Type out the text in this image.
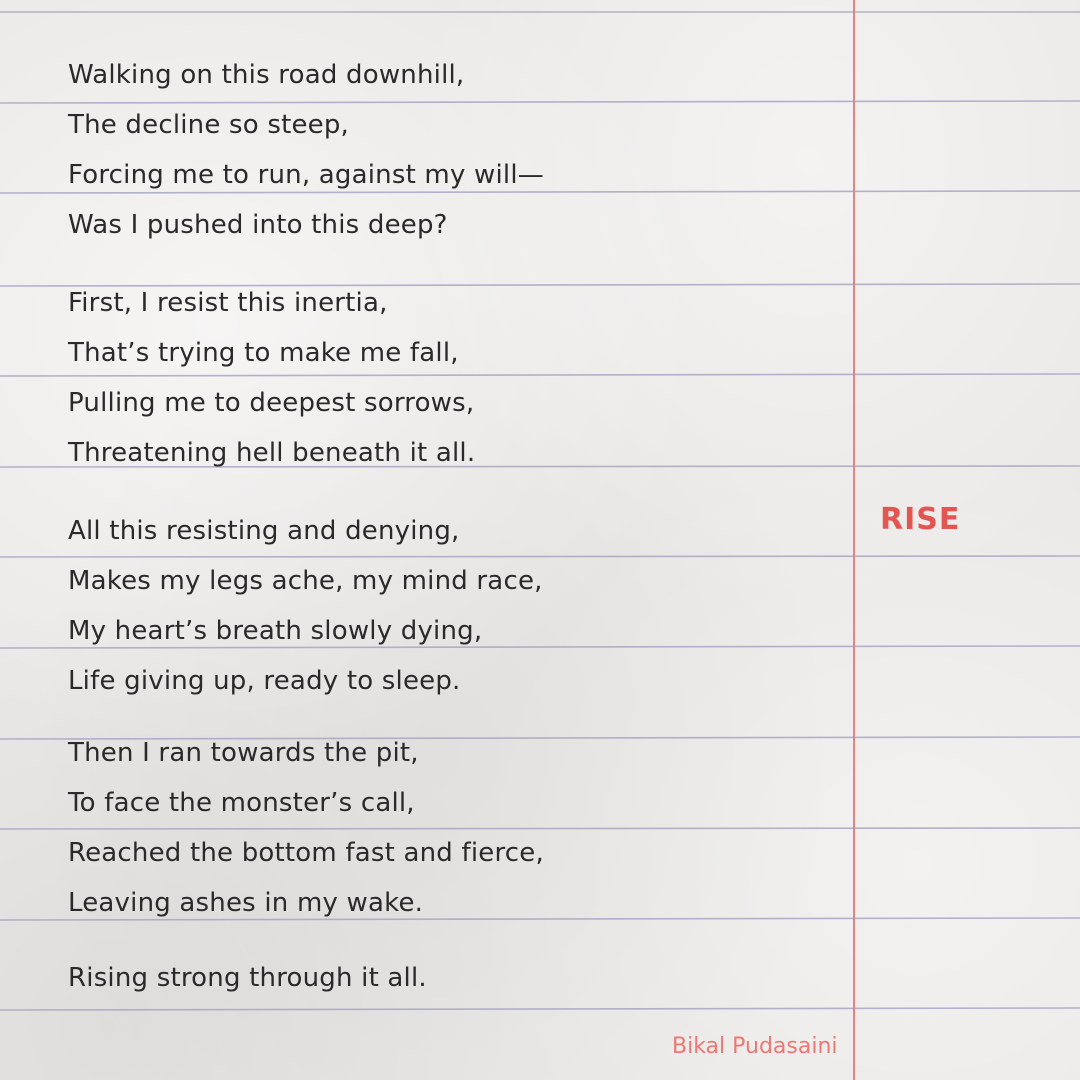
Walking on this road downhill,

The decline so steep,

Forcing me to run, against my will—

Was I pushed into this deep?

First, I resist this inertia,

That’s trying to make me fall,

Pulling me to deepest sorrows,

Threatening hell beneath it all.

All this resisting and denying,

Makes my legs ache, my mind race,

My heart’s breath slowly dying,

Life giving up, ready to sleep.

Then I ran towards the pit,

To face the monster’s call,

Reached the bottom fast and fierce,

Leaving ashes in my wake.

Rising strong through it all.

RISE

Bikal Pudasaini
